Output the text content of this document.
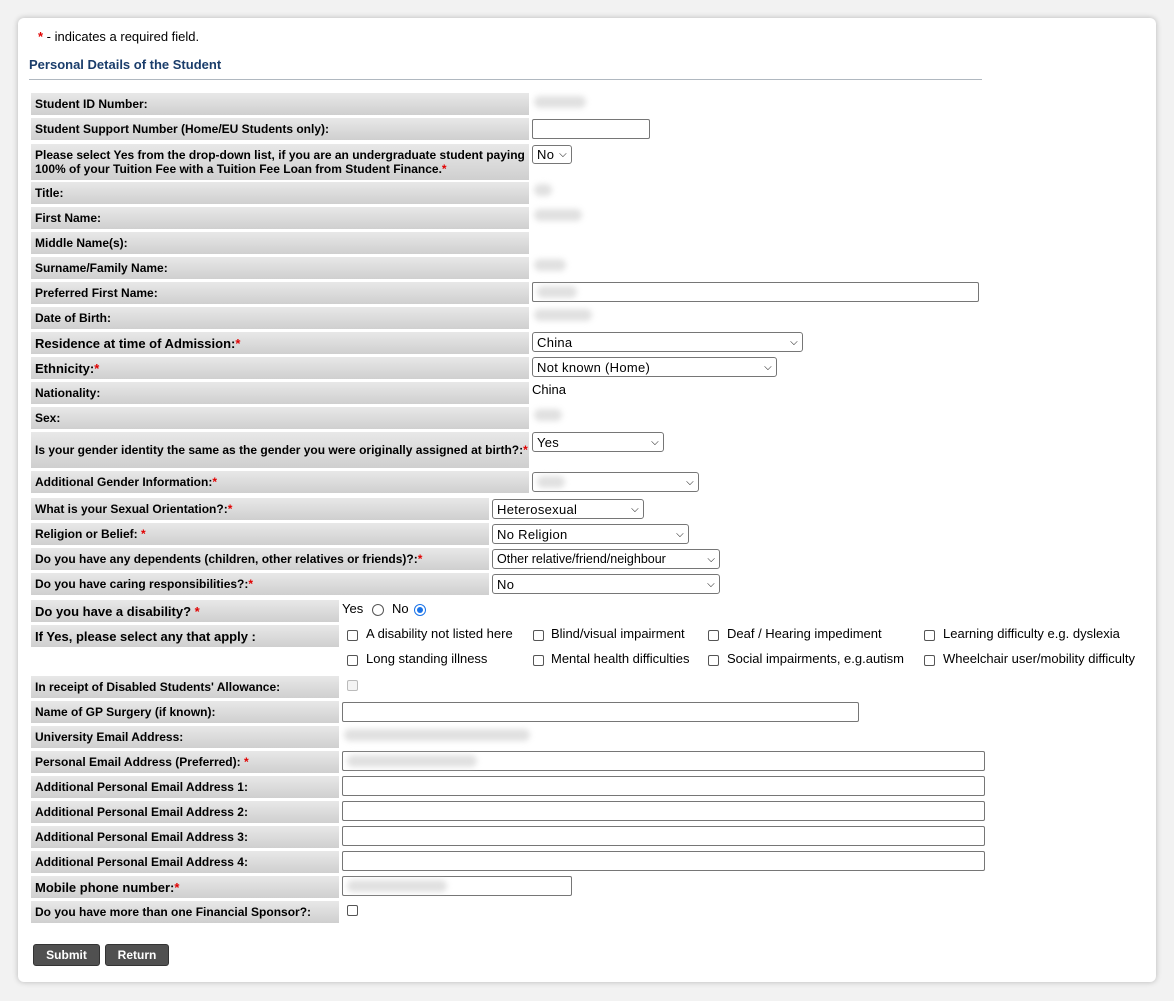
* - indicates a required field.
Personal Details of the Student
Student ID Number:
Student Support Number (Home/EU Students only):
Please select Yes from the drop-down list, if you are an undergraduate student paying 100% of your Tuition Fee with a Tuition Fee Loan from Student Finance.*
No ⌵
Title:
First Name:
Middle Name(s):
Surname/Family Name:
Preferred First Name:
Date of Birth:
Residence at time of Admission:*	China	⌵
Ethnicity:*	Not known (Home)	⌵
Nationality:	China
Sex:
Is your gender identity the same as the gender you were originally assigned at birth?:*
Yes	⌵
Additional Gender Information:*	⌵
What is your Sexual Orientation?:*	Heterosexual	⌵
Religion or Belief: *	No Religion	⌵
Do you have any dependents (children, other relatives or friends)?:*	Other relative/friend/neighbour	⌵
Do you have caring responsibilities?:*	No	⌵
Do you have a disability? *	Yes No
If Yes, please select any that apply :	A disability not listed here	Blind/visual impairment	Deaf / Hearing impediment	Learning difficulty e.g. dyslexia
Long standing illness	Mental health difficulties	Social impairments, e.g.autism	Wheelchair user/mobility difficulty
In receipt of Disabled Students' Allowance:
Name of GP Surgery (if known):
University Email Address:
Personal Email Address (Preferred): *
Additional Personal Email Address 1:
Additional Personal Email Address 2:
Additional Personal Email Address 3:
Additional Personal Email Address 4:
Mobile phone number:*
Do you have more than one Financial Sponsor?:
Submit	Return
